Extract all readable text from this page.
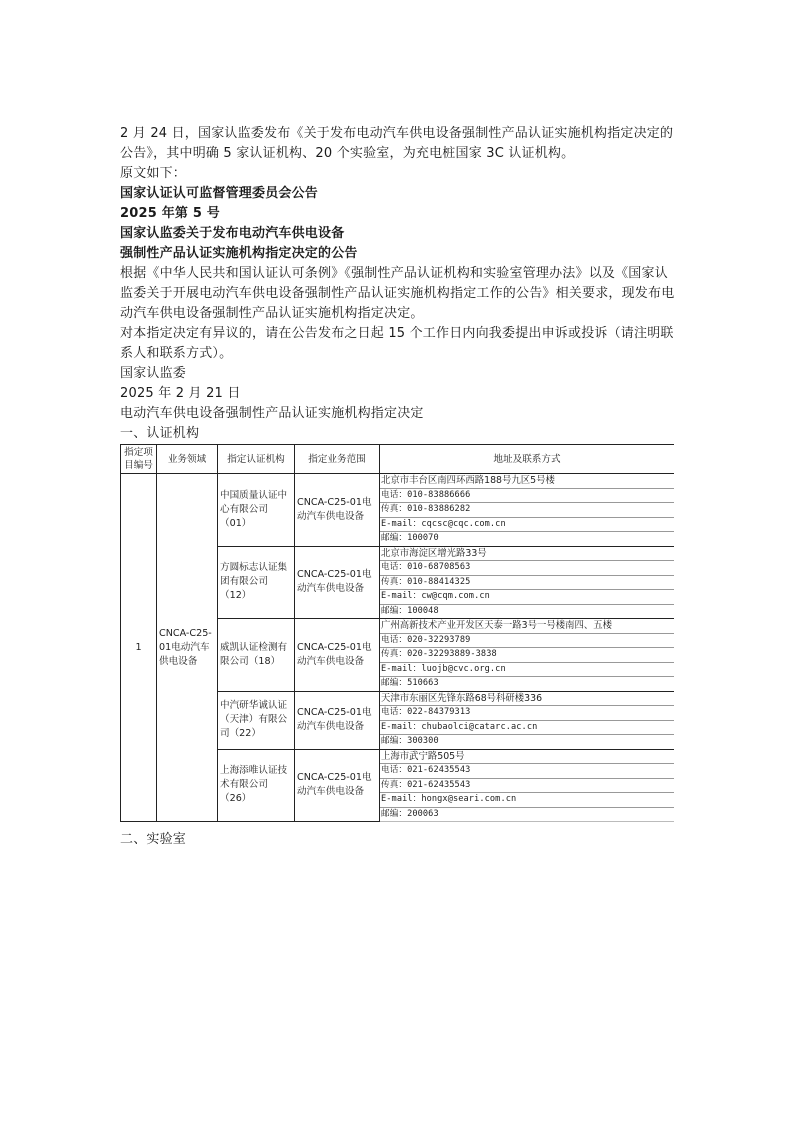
2 月 24 日，国家认监委发布《关于发布电动汽车供电设备强制性产品认证实施机构指定决定的公告》，其中明确 5 家认证机构、20 个实验室，为充电桩国家 3C 认证机构。

原文如下：

国家认证认可监督管理委员会公告

2025 年第 5 号

国家认监委关于发布电动汽车供电设备

强制性产品认证实施机构指定决定的公告

根据《中华人民共和国认证认可条例》《强制性产品认证机构和实验室管理办法》以及《国家认监委关于开展电动汽车供电设备强制性产品认证实施机构指定工作的公告》相关要求，现发布电动汽车供电设备强制性产品认证实施机构指定决定。

对本指定决定有异议的，请在公告发布之日起 15 个工作日内向我委提出申诉或投诉（请注明联系人和联系方式）。

国家认监委

2025 年 2 月 21 日

电动汽车供电设备强制性产品认证实施机构指定决定

一、认证机构

指定项目编号	业务领域	指定认证机构	指定业务范围	地址及联系方式
1	CNCA-C25-01电动汽车供电设备	中国质量认证中心有限公司（01）	CNCA-C25-01电动汽车供电设备	北京市丰台区南四环西路188号九区5号楼
电话：010-83886666
传真：010-83886282
E-mail：cqcsc@cqc.com.cn
邮编：100070

		方圆标志认证集团有限公司（12）	CNCA-C25-01电动汽车供电设备	北京市海淀区增光路33号
电话：010-68708563
传真：010-88414325
E-mail：cw@cqm.com.cn
邮编：100048

		威凯认证检测有限公司（18）	CNCA-C25-01电动汽车供电设备	广州高新技术产业开发区天泰一路3号一号楼南四、五楼
电话：020-32293789
传真：020-32293889-3838
E-mail：luojb@cvc.org.cn
邮编：510663

		中汽研华诚认证（天津）有限公司（22）	CNCA-C25-01电动汽车供电设备	天津市东丽区先锋东路68号科研楼336
电话：022-84379313
E-mail：chubaolci@catarc.ac.cn
邮编：300300

		上海添唯认证技术有限公司（26）	CNCA-C25-01电动汽车供电设备	上海市武宁路505号
电话：021-62435543
传真：021-62435543
E-mail：hongx@seari.com.cn
邮编：200063

二、实验室
